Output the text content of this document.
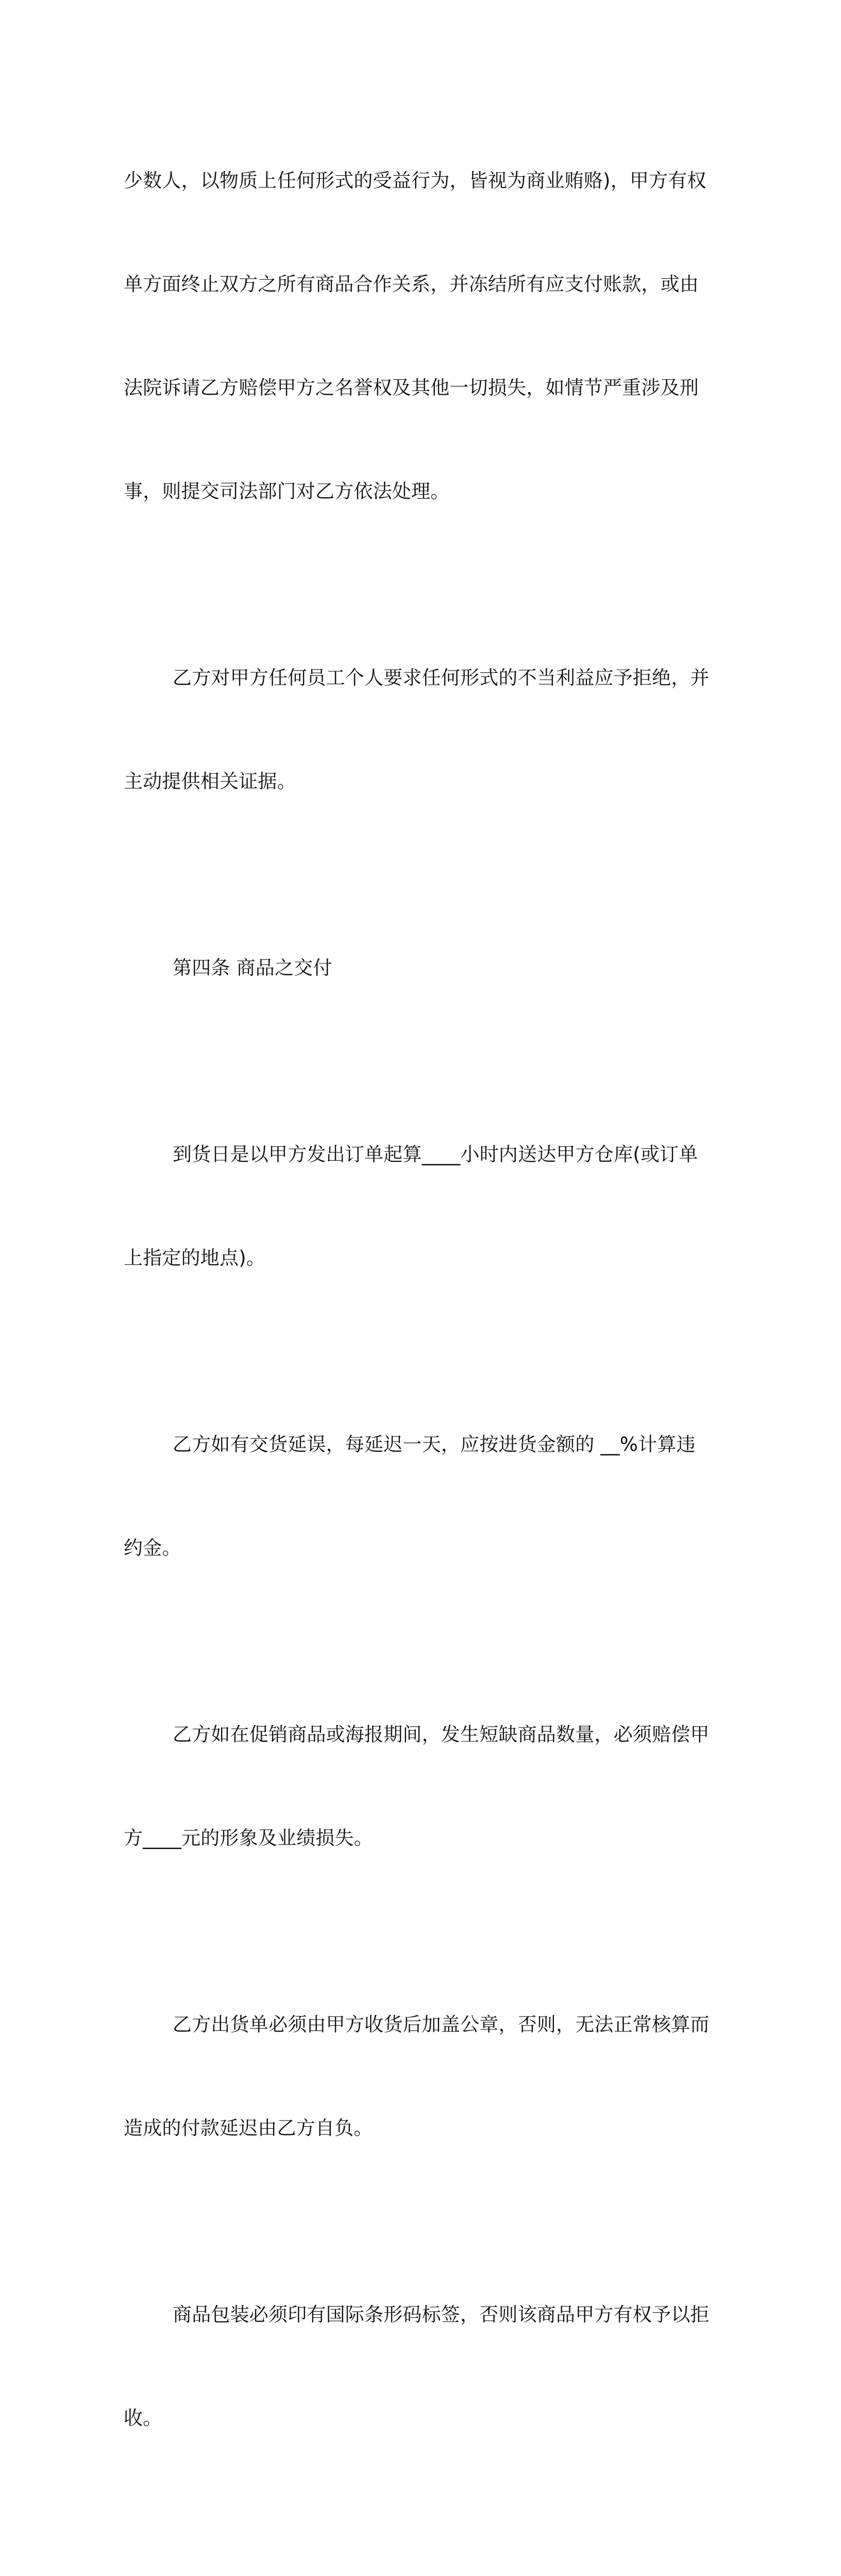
少数人，以物质上任何形式的受益行为，皆视为商业贿赂)，甲方有权

单方面终止双方之所有商品合作关系，并冻结所有应支付账款，或由

法院诉请乙方赔偿甲方之名誉权及其他一切损失，如情节严重涉及刑

事，则提交司法部门对乙方依法处理。

乙方对甲方任何员工个人要求任何形式的不当利益应予拒绝，并

主动提供相关证据。

第四条 商品之交付

到货日是以甲方发出订单起算____小时内送达甲方仓库(或订单

上指定的地点)。

乙方如有交货延误，每延迟一天，应按进货金额的 __%计算违

约金。

乙方如在促销商品或海报期间，发生短缺商品数量，必须赔偿甲

方____元的形象及业绩损失。

乙方出货单必须由甲方收货后加盖公章，否则，无法正常核算而

造成的付款延迟由乙方自负。

商品包装必须印有国际条形码标签，否则该商品甲方有权予以拒

收。
